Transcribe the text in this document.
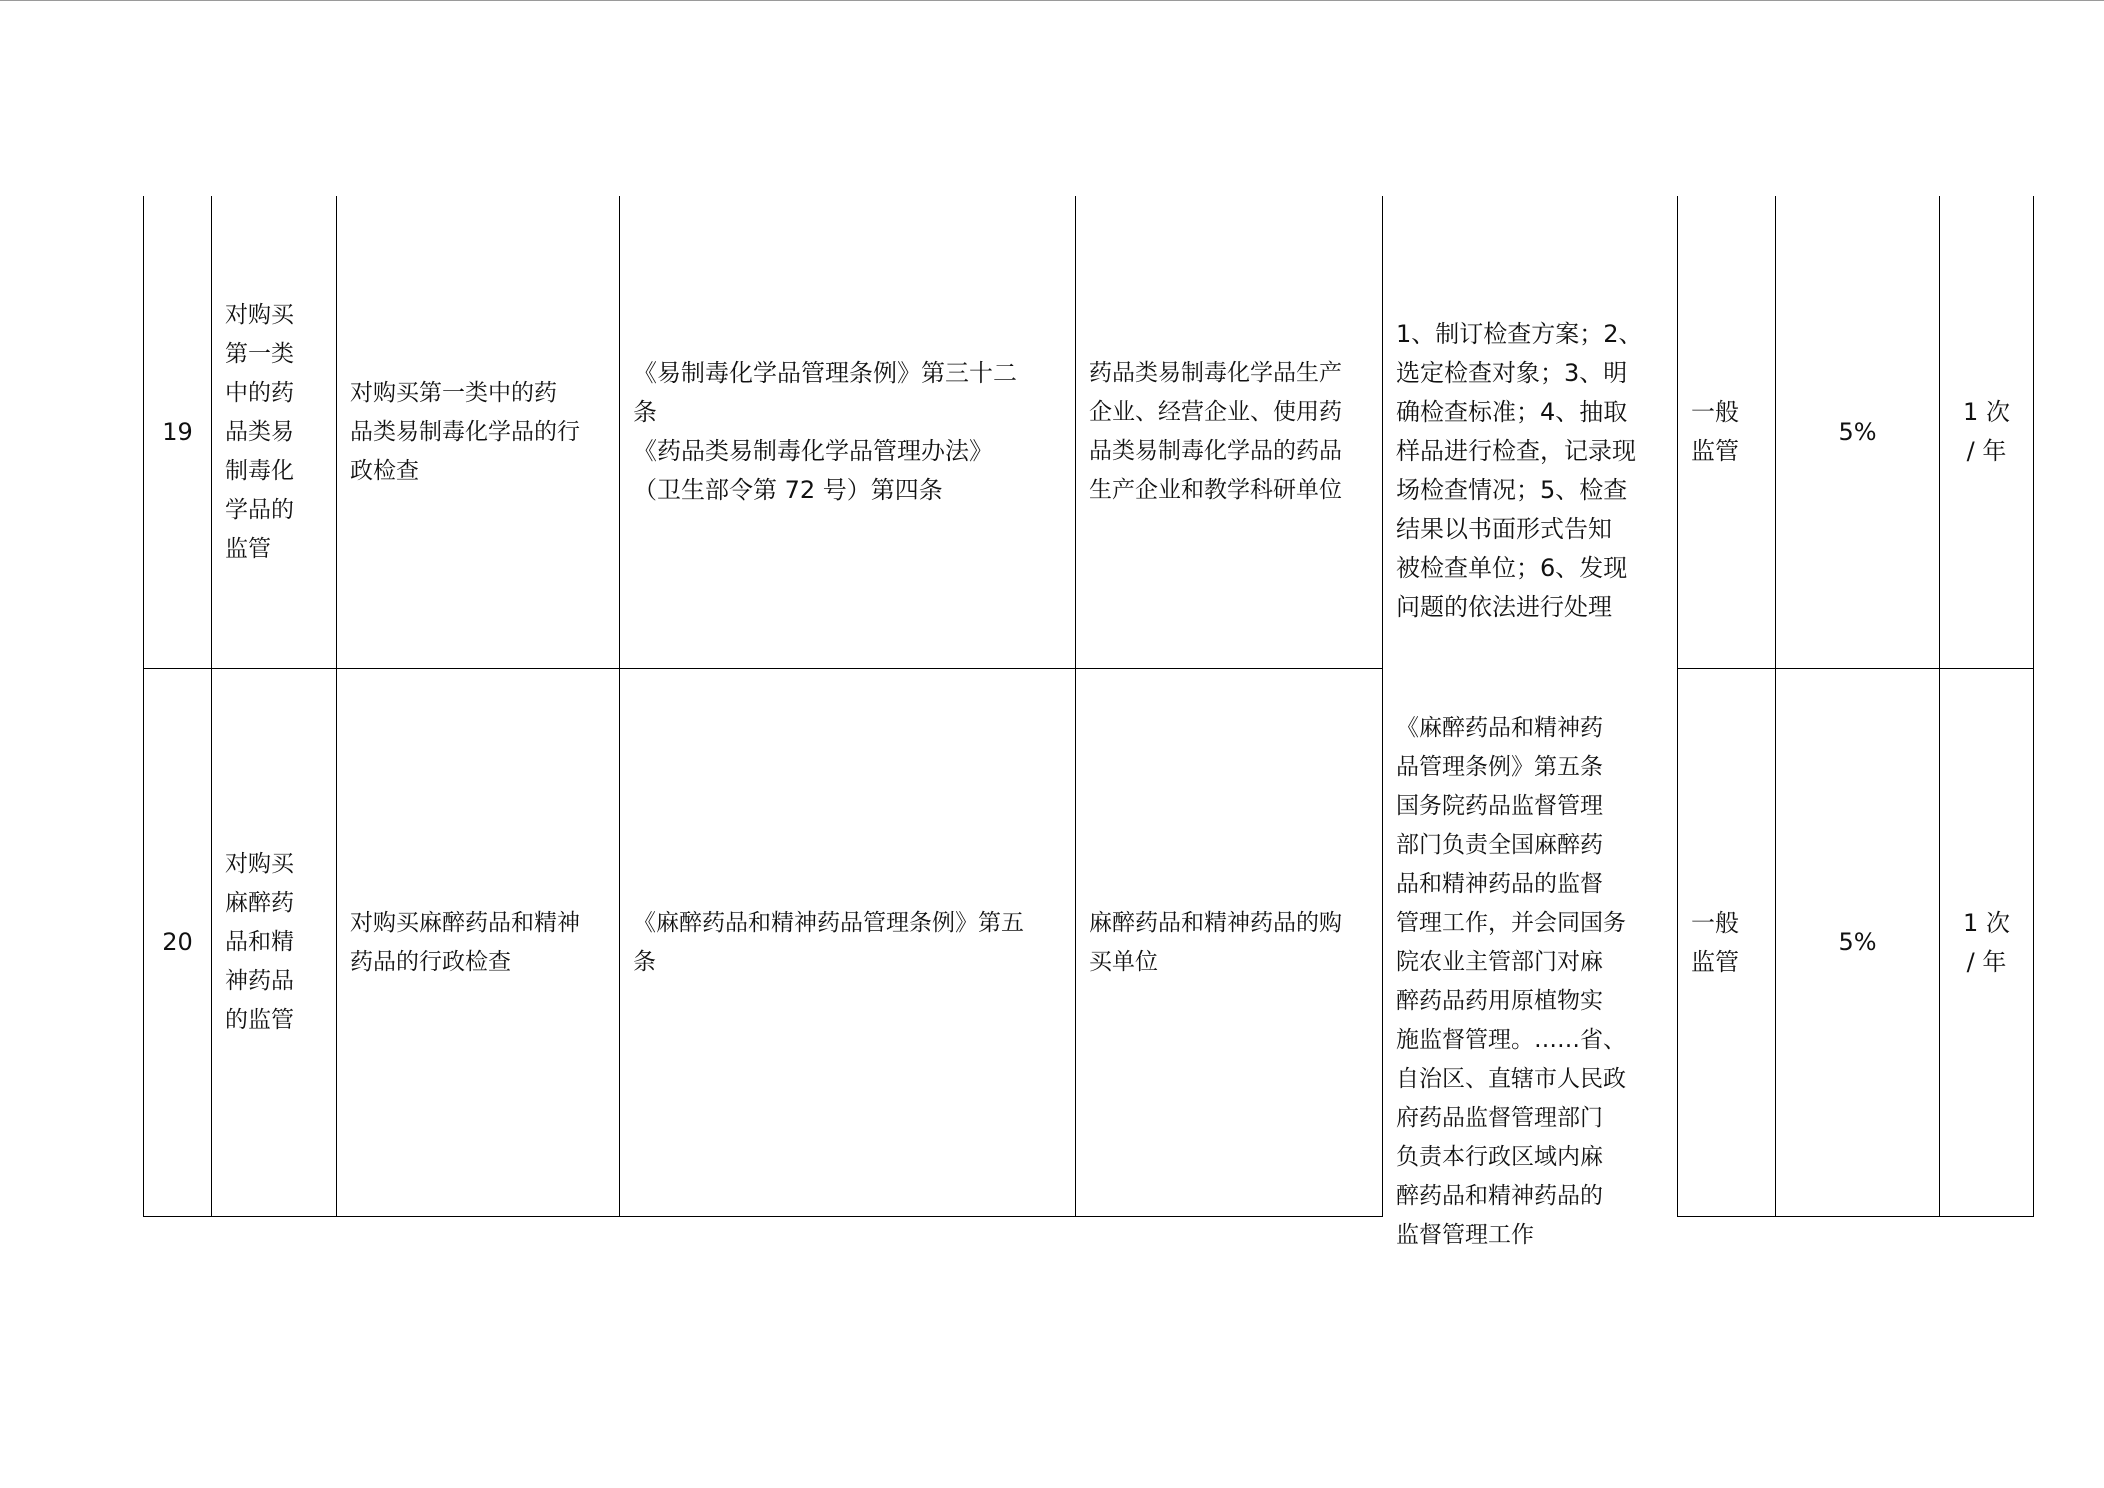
19
对购买
第一类
中的药
品类易
制毒化
学品的
监管
对购买第一类中的药
品类易制毒化学品的行
政检查
《易制毒化学品管理条例》第三十二
条
《药品类易制毒化学品管理办法》
（卫生部令第 72 号）第四条
药品类易制毒化学品生产
企业、经营企业、使用药
品类易制毒化学品的药品
生产企业和教学科研单位

1、制订检查方案；2、
选定检查对象；3、明
确检查标准；4、抽取
样品进行检查，记录现
场检查情况；5、检查
结果以书面形式告知
被检查单位；6、发现
问题的依法进行处理

一般
监管
5%
1 次
/ 年
20
对购买
麻醉药
品和精
神药品
的监管
对购买麻醉药品和精神
药品的行政检查
《麻醉药品和精神药品管理条例》第五
条
麻醉药品和精神药品的购
买单位

《麻醉药品和精神药
品管理条例》第五条
国务院药品监督管理
部门负责全国麻醉药
品和精神药品的监督
管理工作，并会同国务
院农业主管部门对麻
醉药品药用原植物实
施监督管理。……省、
自治区、直辖市人民政
府药品监督管理部门
负责本行政区域内麻
醉药品和精神药品的
监督管理工作

一般
监管
5%
1 次
/ 年
